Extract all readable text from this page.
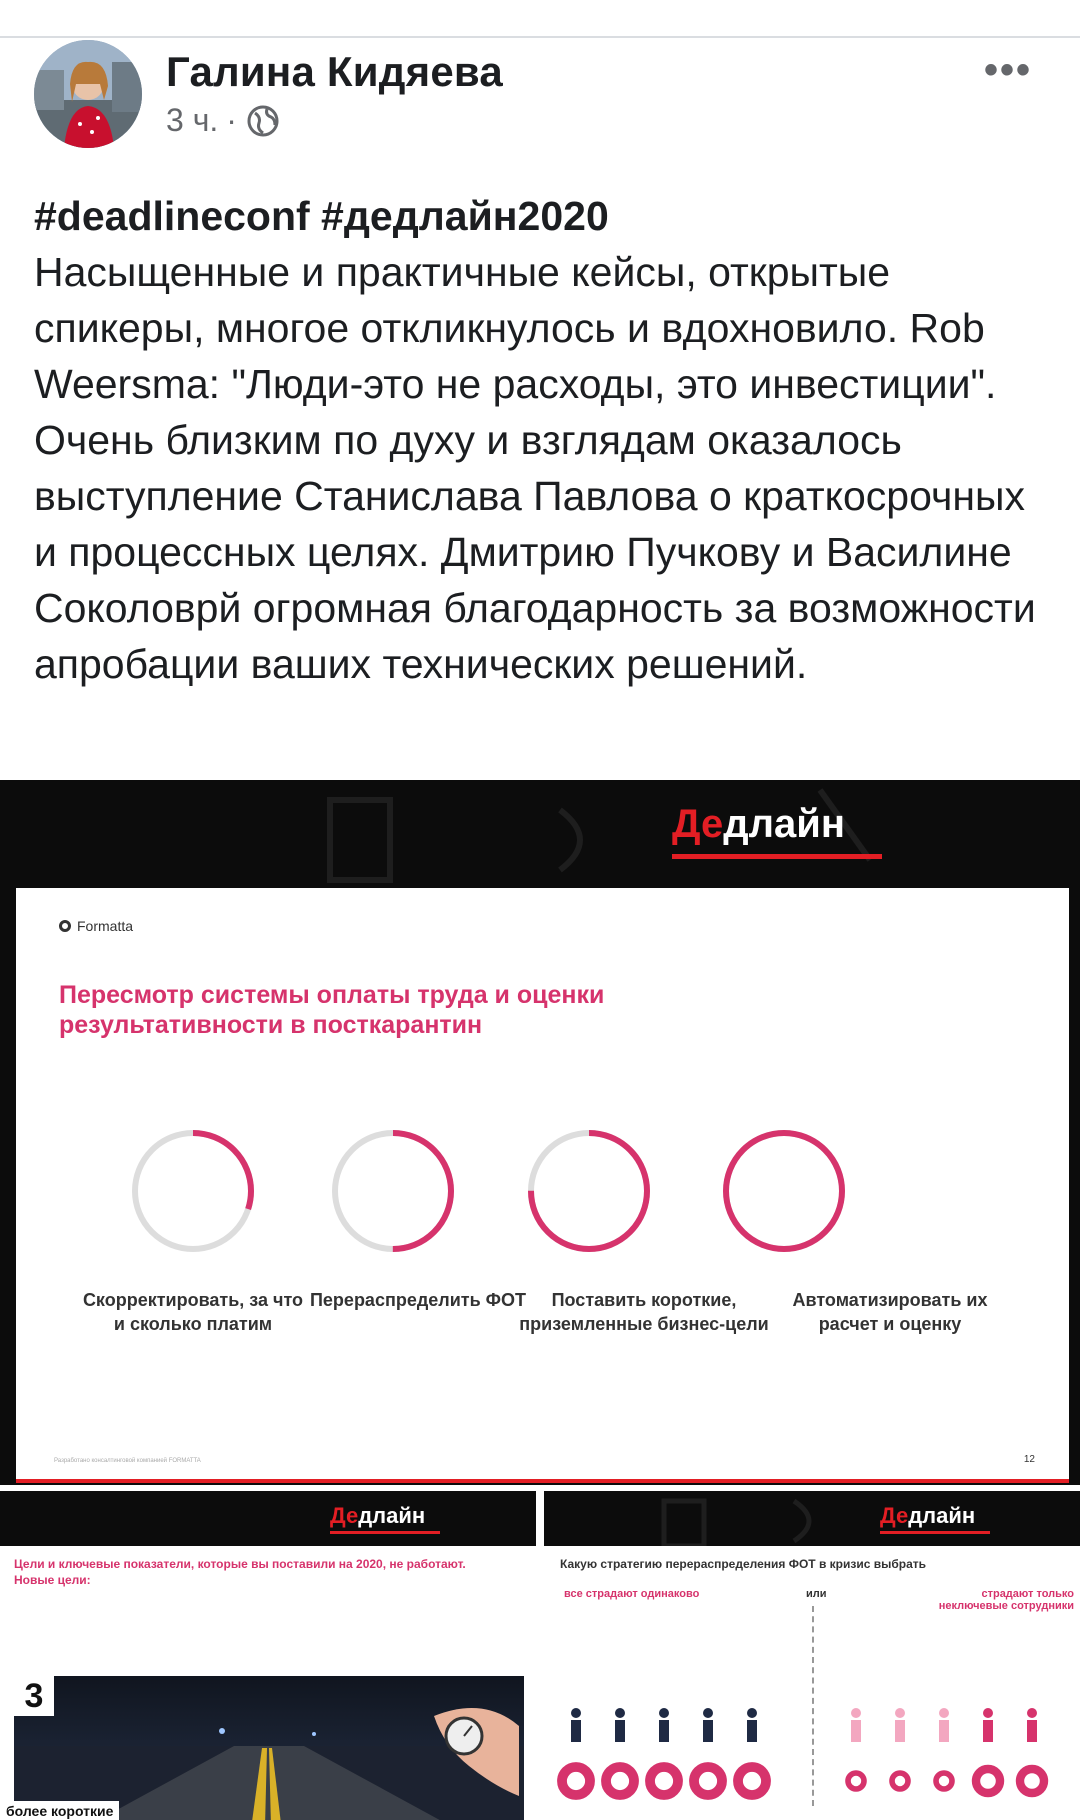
Галина Кидяева
3 ч. ·
•••
#deadlineconf #дедлайн2020
Насыщенные и практичные кейсы, открытые спикеры, многое откликнулось и вдохновило. Rob Weersma: "Люди-это не расходы, это инвестиции". Очень близким по духу и взглядам оказалось выступление Станислава Павлова о краткосрочных и процессных целях. Дмитрию Пучкову и Василине Соколоврй огромная благодарность за возможности апробации ваших технических решений.
Дедлайн
Formatta
Пересмотр системы оплаты труда и оценки результативности в посткарантин
Скорректировать, за что и сколько платим
Перераспределить ФОТ	Поставить короткие, приземленные бизнес-цели
Автоматизировать их расчет и оценку
Разработано консалтинговой компанией FORMATTA	12
Дедлайн
Цели и ключевые показатели, которые вы поставили на 2020, не работают. Новые цели:
3
более короткие
Дедлайн
Какую стратегию перераспределения ФОТ в кризис выбрать
все страдают одинаково	или	страдают только неключевые сотрудники
